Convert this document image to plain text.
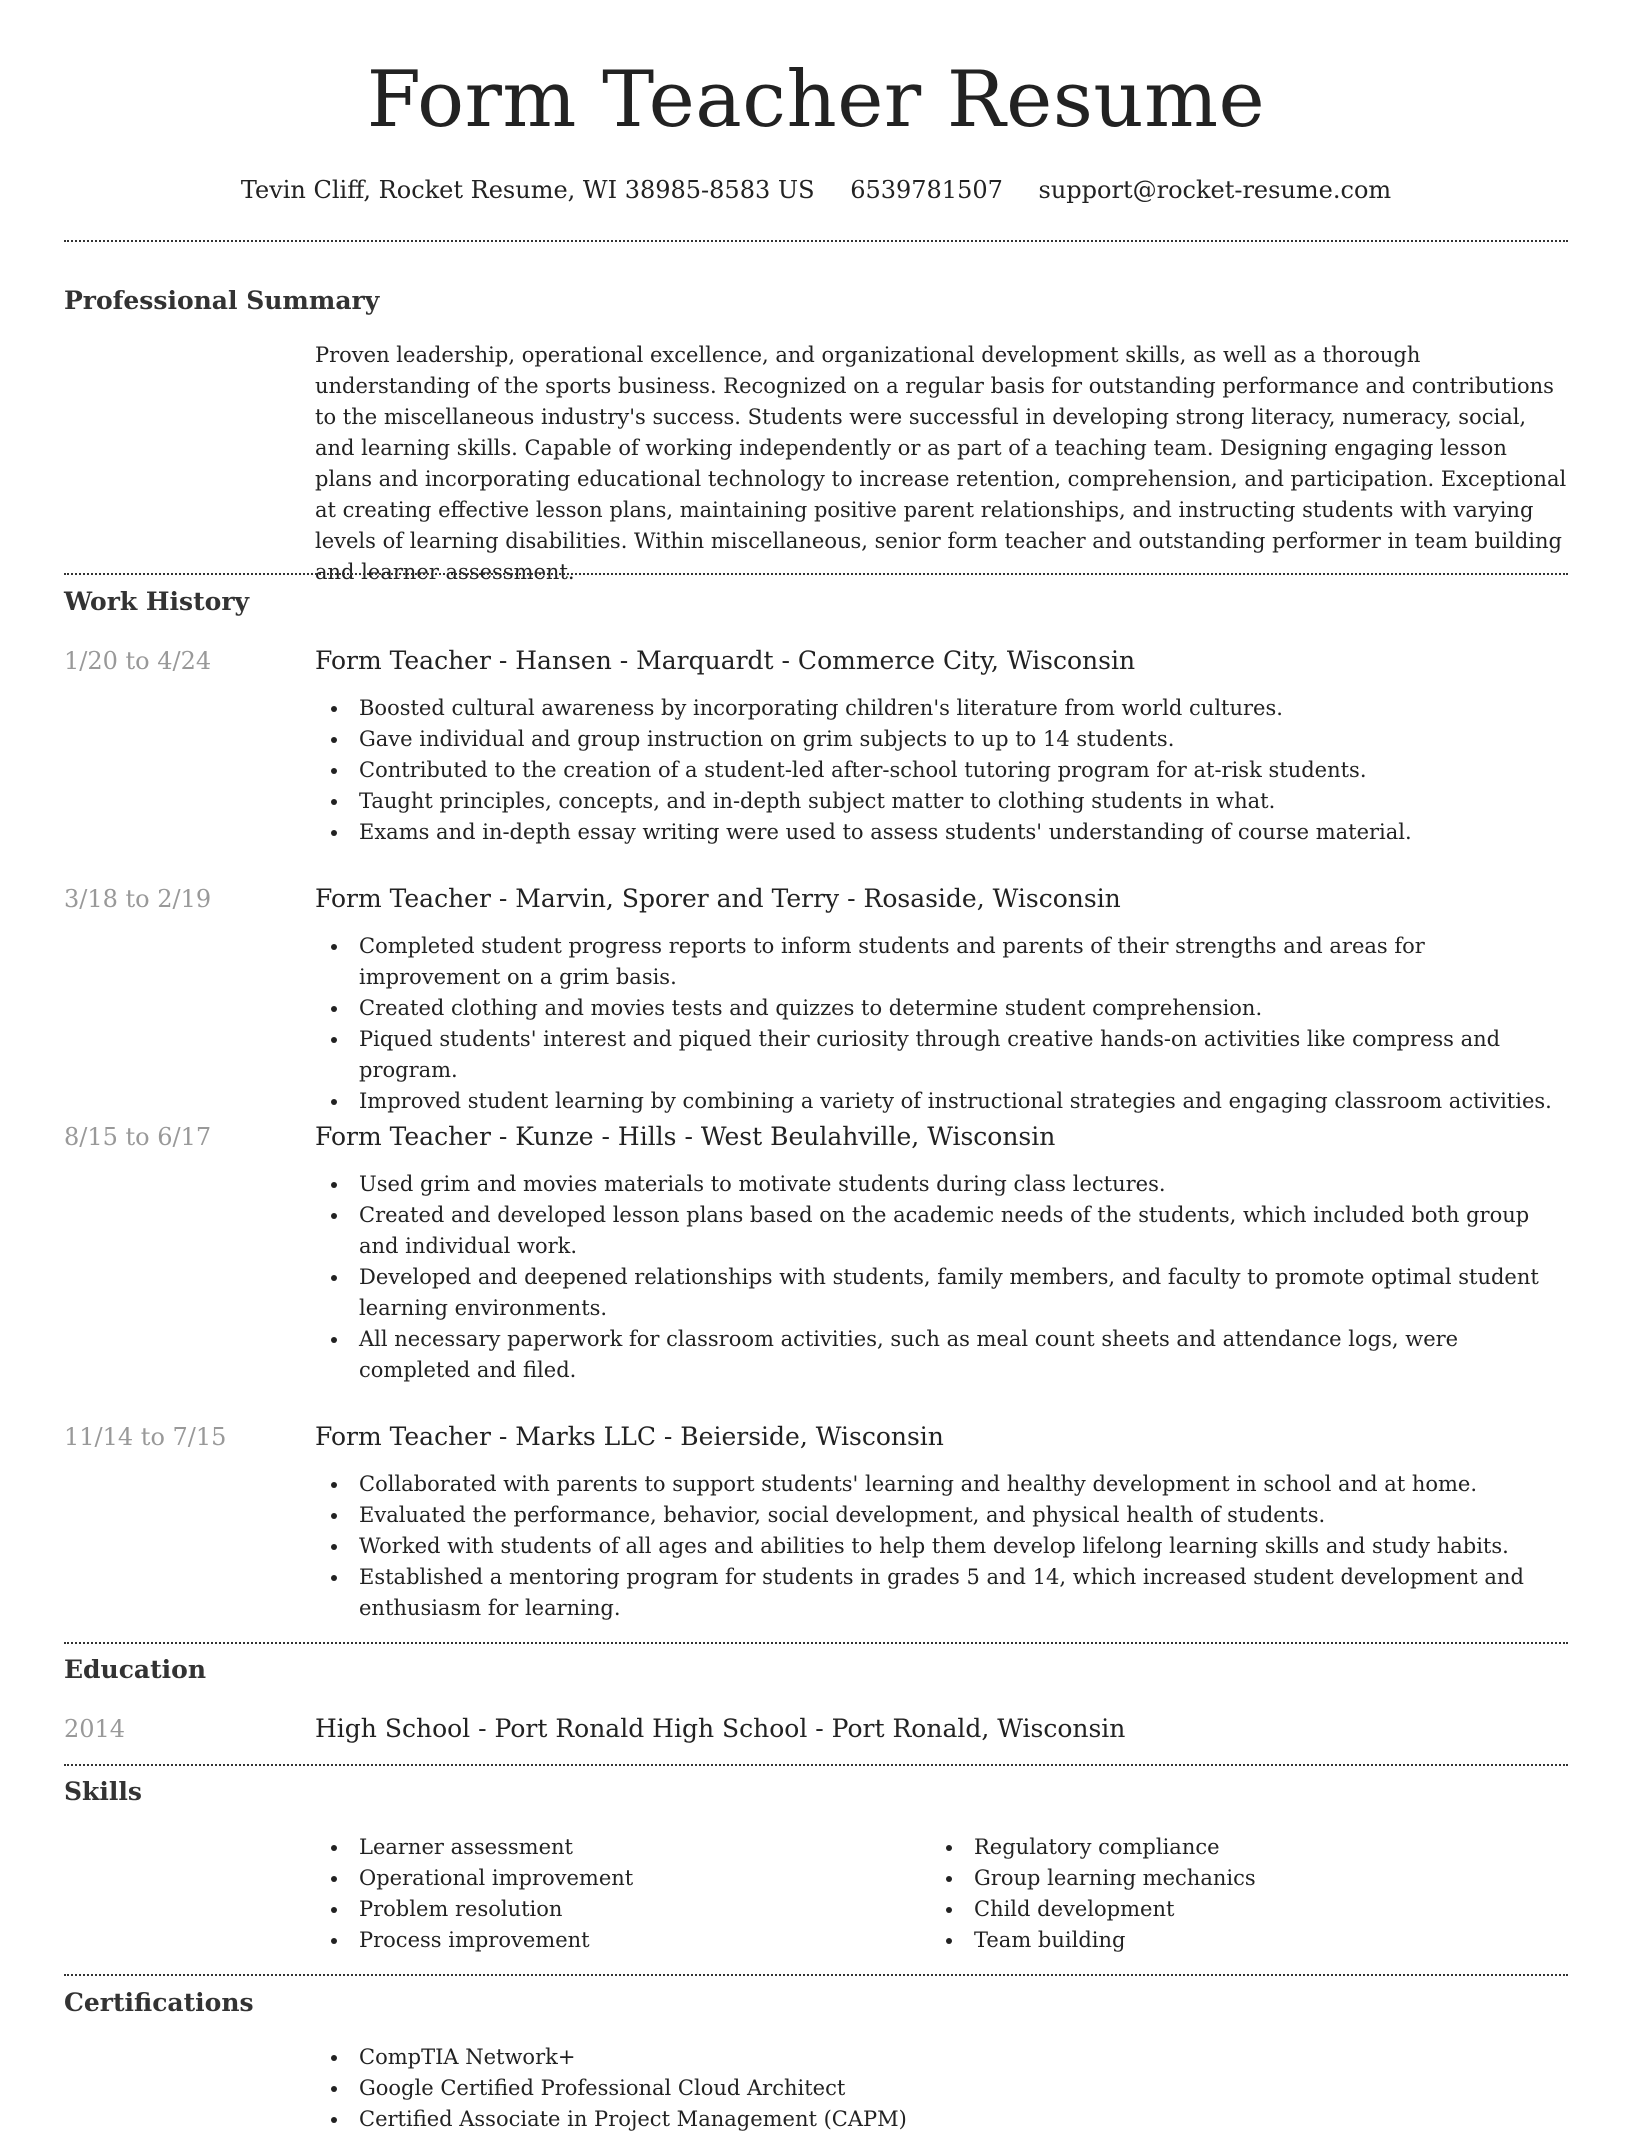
Form Teacher Resume
Tevin Cliff, Rocket Resume, WI 38985-8583 US 6539781507 support@rocket-resume.com
Professional Summary

Proven leadership, operational excellence, and organizational development skills, as well as a thorough understanding of the sports business. Recognized on a regular basis for outstanding performance and contributions to the miscellaneous industry's success. Students were successful in developing strong literacy, numeracy, social, and learning skills. Capable of working independently or as part of a teaching team. Designing engaging lesson plans and incorporating educational technology to increase retention, comprehension, and participation. Exceptional at creating effective lesson plans, maintaining positive parent relationships, and instructing students with varying levels of learning disabilities. Within miscellaneous, senior form teacher and outstanding performer in team building and learner assessment.

Work History
1/20 to 4/24	Form Teacher - Hansen - Marquardt - Commerce City, Wisconsin
Boosted cultural awareness by incorporating children's literature from world cultures.
Gave individual and group instruction on grim subjects to up to 14 students.
Contributed to the creation of a student-led after-school tutoring program for at-risk students.
Taught principles, concepts, and in-depth subject matter to clothing students in what.
Exams and in-depth essay writing were used to assess students' understanding of course material.
3/18 to 2/19	Form Teacher - Marvin, Sporer and Terry - Rosaside, Wisconsin
Completed student progress reports to inform students and parents of their strengths and areas for improvement on a grim basis.
Created clothing and movies tests and quizzes to determine student comprehension.
Piqued students' interest and piqued their curiosity through creative hands-on activities like compress and program.
Improved student learning by combining a variety of instructional strategies and engaging classroom activities.
8/15 to 6/17	Form Teacher - Kunze - Hills - West Beulahville, Wisconsin
Used grim and movies materials to motivate students during class lectures.
Created and developed lesson plans based on the academic needs of the students, which included both group and individual work.
Developed and deepened relationships with students, family members, and faculty to promote optimal student learning environments.
All necessary paperwork for classroom activities, such as meal count sheets and attendance logs, were completed and filed.
11/14 to 7/15	Form Teacher - Marks LLC - Beierside, Wisconsin
Collaborated with parents to support students' learning and healthy development in school and at home.
Evaluated the performance, behavior, social development, and physical health of students.
Worked with students of all ages and abilities to help them develop lifelong learning skills and study habits.
Established a mentoring program for students in grades 5 and 14, which increased student development and enthusiasm for learning.
Education
2014	High School - Port Ronald High School - Port Ronald, Wisconsin
Skills
Learner assessment
Operational improvement
Problem resolution
Process improvement
Regulatory compliance
Group learning mechanics
Child development
Team building
Certifications
CompTIA Network+
Google Certified Professional Cloud Architect
Certified Associate in Project Management (CAPM)
